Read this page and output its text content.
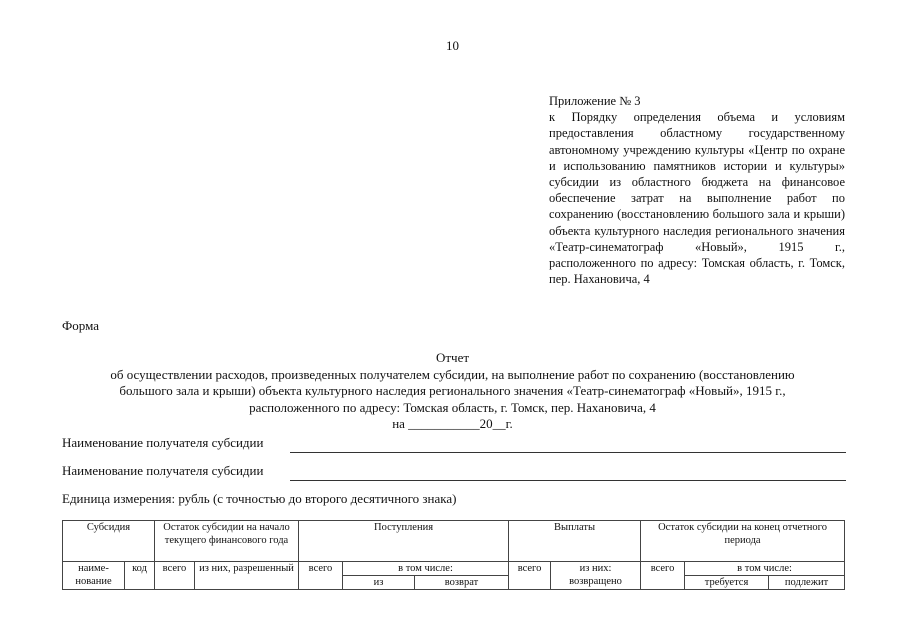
10
Приложение № 3
к Порядку определения объема и условиям предоставления областному государственному автономному учреждению культуры «Центр по охране и использованию памятников истории и культуры» субсидии из областного бюджета на финансовое обеспечение затрат на выполнение работ по сохранению (восстановлению большого зала и крыши) объекта культурного наследия регионального значения «Театр-синематограф «Новый», 1915 г., расположенного по адресу: Томская область, г. Томск, пер. Нахановича, 4
Форма
Отчет
об осуществлении расходов, произведенных получателем субсидии, на выполнение работ по сохранению (восстановлению
большого зала и крыши) объекта культурного наследия регионального значения «Театр-синематограф «Новый», 1915 г.,
расположенного по адресу: Томская область, г. Томск, пер. Нахановича, 4
на ___________20__г.
Наименование получателя субсидии
Наименование получателя субсидии
Единица измерения: рубль (с точностью до второго десятичного знака)
Субсидия		Остаток субсидии на начало текущего финансового года		Поступления			Выплаты		Остаток субсидии на конец отчетного периода		
наиме-нование	код	всего	из них, разрешенный	всего	в том числе:		всего	из них: возвращено	всего	в том числе:	
					из	возврат				требуется	подлежит
